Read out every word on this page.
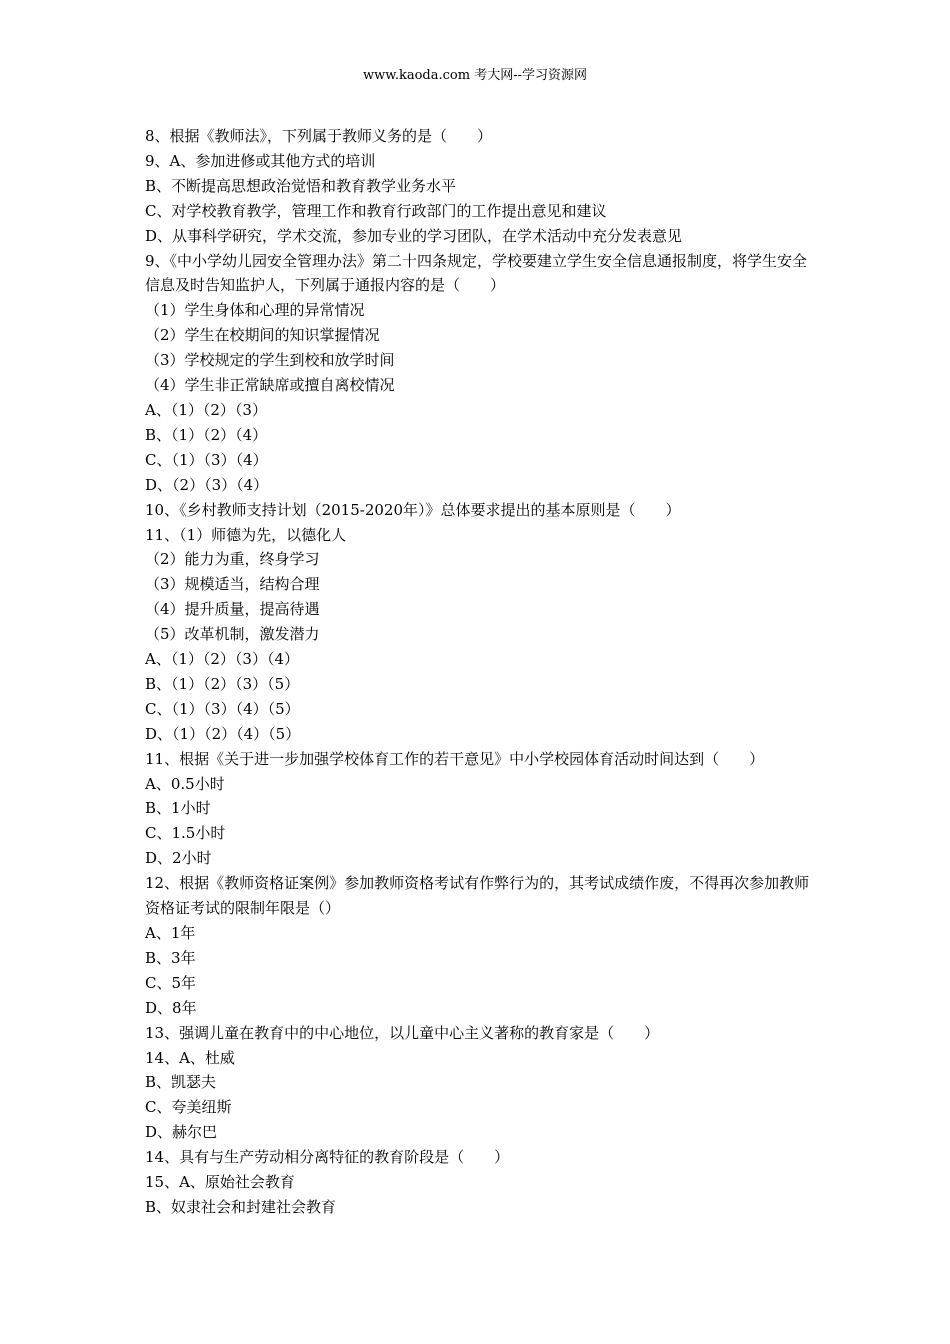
www.kaoda.com 考大网--学习资源网
8、根据《教师法》，下列属于教师义务的是（　　）
9、A、参加进修或其他方式的培训
B、不断提高思想政治觉悟和教育教学业务水平
C、对学校教育教学，管理工作和教育行政部门的工作提出意见和建议
D、从事科学研究，学术交流，参加专业的学习团队，在学术活动中充分发表意见
9、《中小学幼儿园安全管理办法》第二十四条规定，学校要建立学生安全信息通报制度，将学生安全信息及时告知监护人，下列属于通报内容的是（　　）
（1）学生身体和心理的异常情况
（2）学生在校期间的知识掌握情况
（3）学校规定的学生到校和放学时间
（4）学生非正常缺席或擅自离校情况
A、（1）（2）（3）
B、（1）（2）（4）
C、（1）（3）（4）
D、（2）（3）（4）
10、《乡村教师支持计划（2015-2020年）》总体要求提出的基本原则是（　　）
11、（1）师德为先，以德化人
（2）能力为重，终身学习
（3）规模适当，结构合理
（4）提升质量，提高待遇
（5）改革机制，激发潜力
A、（1）（2）（3）（4）
B、（1）（2）（3）（5）
C、（1）（3）（4）（5）
D、（1）（2）（4）（5）
11、根据《关于进一步加强学校体育工作的若干意见》中小学校园体育活动时间达到（　　）
A、0.5小时
B、1小时
C、1.5小时
D、2小时
12、根据《教师资格证案例》参加教师资格考试有作弊行为的，其考试成绩作废，不得再次参加教师资格证考试的限制年限是（）
A、1年
B、3年
C、5年
D、8年
13、强调儿童在教育中的中心地位，以儿童中心主义著称的教育家是（　　）
14、A、杜威
B、凯瑟夫
C、夸美纽斯
D、赫尔巴
14、具有与生产劳动相分离特征的教育阶段是（　　）
15、A、原始社会教育
B、奴隶社会和封建社会教育
